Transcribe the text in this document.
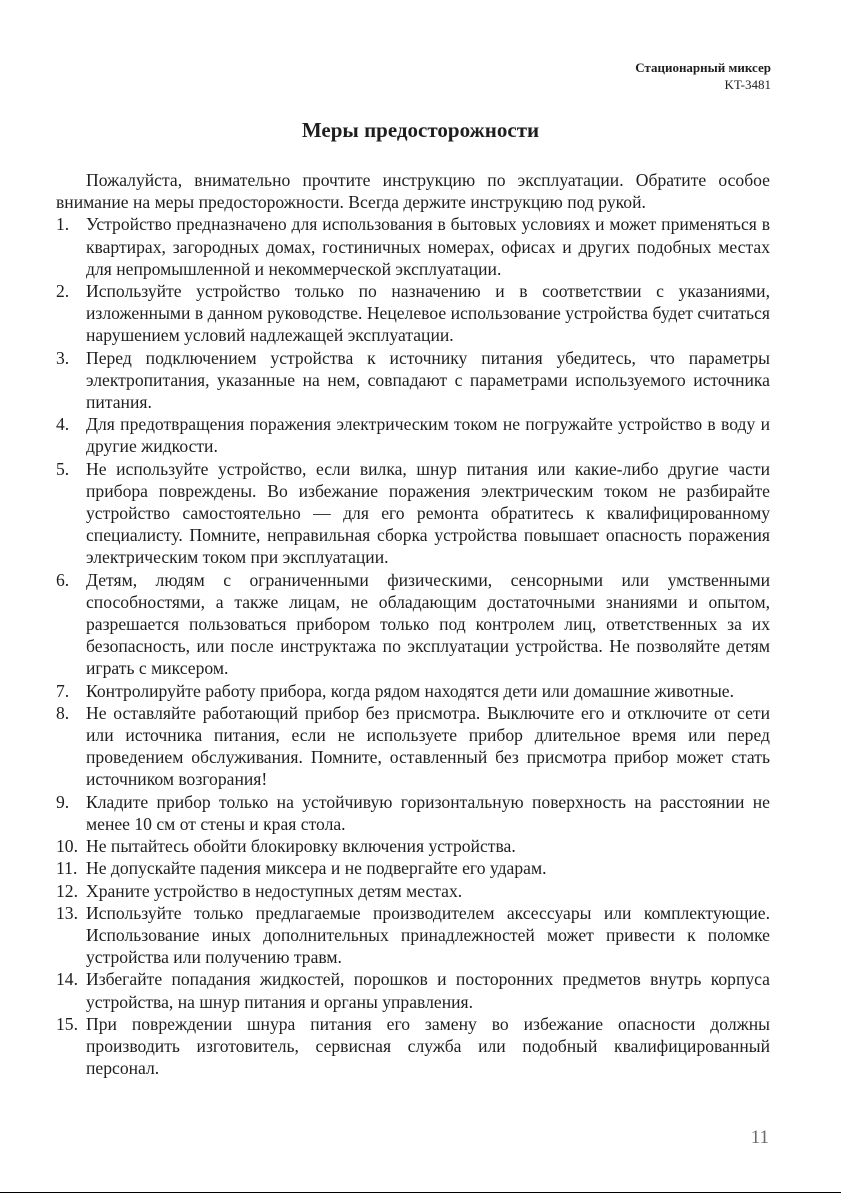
Стационарный миксер
KT-3481
Меры предосторожности

Пожалуйста, внимательно прочтите инструкцию по эксплуатации. Обратите особое внимание на меры предосторожности. Всегда держите инструкцию под рукой.

1. Устройство предназначено для использования в бытовых условиях и может применяться в квартирах, загородных домах, гостиничных номерах, офисах и других подобных местах для непромышленной и некоммерческой эксплуатации.
2. Используйте устройство только по назначению и в соответствии с указаниями, изложенными в данном руководстве. Нецелевое использование устройства будет считаться нарушением условий надлежащей эксплуатации.
3. Перед подключением устройства к источнику питания убедитесь, что параметры электропитания, указанные на нем, совпадают с параметрами используемого источника питания.
4. Для предотвращения поражения электрическим током не погружайте устройство в воду и другие жидкости.
5. Не используйте устройство, если вилка, шнур питания или какие-либо другие части прибора повреждены. Во избежание поражения электрическим током не разбирайте устройство самостоятельно — для его ремонта обратитесь к квалифицированному специалисту. Помните, неправильная сборка устройства повышает опасность поражения электрическим током при эксплуатации.
6. Детям, людям с ограниченными физическими, сенсорными или умственными способностями, а также лицам, не обладающим достаточными знаниями и опытом, разрешается пользоваться прибором только под контролем лиц, ответственных за их безопасность, или после инструктажа по эксплуатации устройства. Не позволяйте детям играть с миксером.
7. Контролируйте работу прибора, когда рядом находятся дети или домашние животные.
8. Не оставляйте работающий прибор без присмотра. Выключите его и отключите от сети или источника питания, если не используете прибор длительное время или перед проведением обслуживания. Помните, оставленный без присмотра прибор может стать источником возгорания!
9. Кладите прибор только на устойчивую горизонтальную поверхность на расстоянии не менее 10 см от стены и края стола.
10. Не пытайтесь обойти блокировку включения устройства.
11. Не допускайте падения миксера и не подвергайте его ударам.
12. Храните устройство в недоступных детям местах.
13. Используйте только предлагаемые производителем аксессуары или комплектующие. Использование иных дополнительных принадлежностей может привести к поломке устройства или получению травм.
14. Избегайте попадания жидкостей, порошков и посторонних предметов внутрь корпуса устройства, на шнур питания и органы управления.
15. При повреждении шнура питания его замену во избежание опасности должны производить изготовитель, сервисная служба или подобный квалифицированный персонал.
11
